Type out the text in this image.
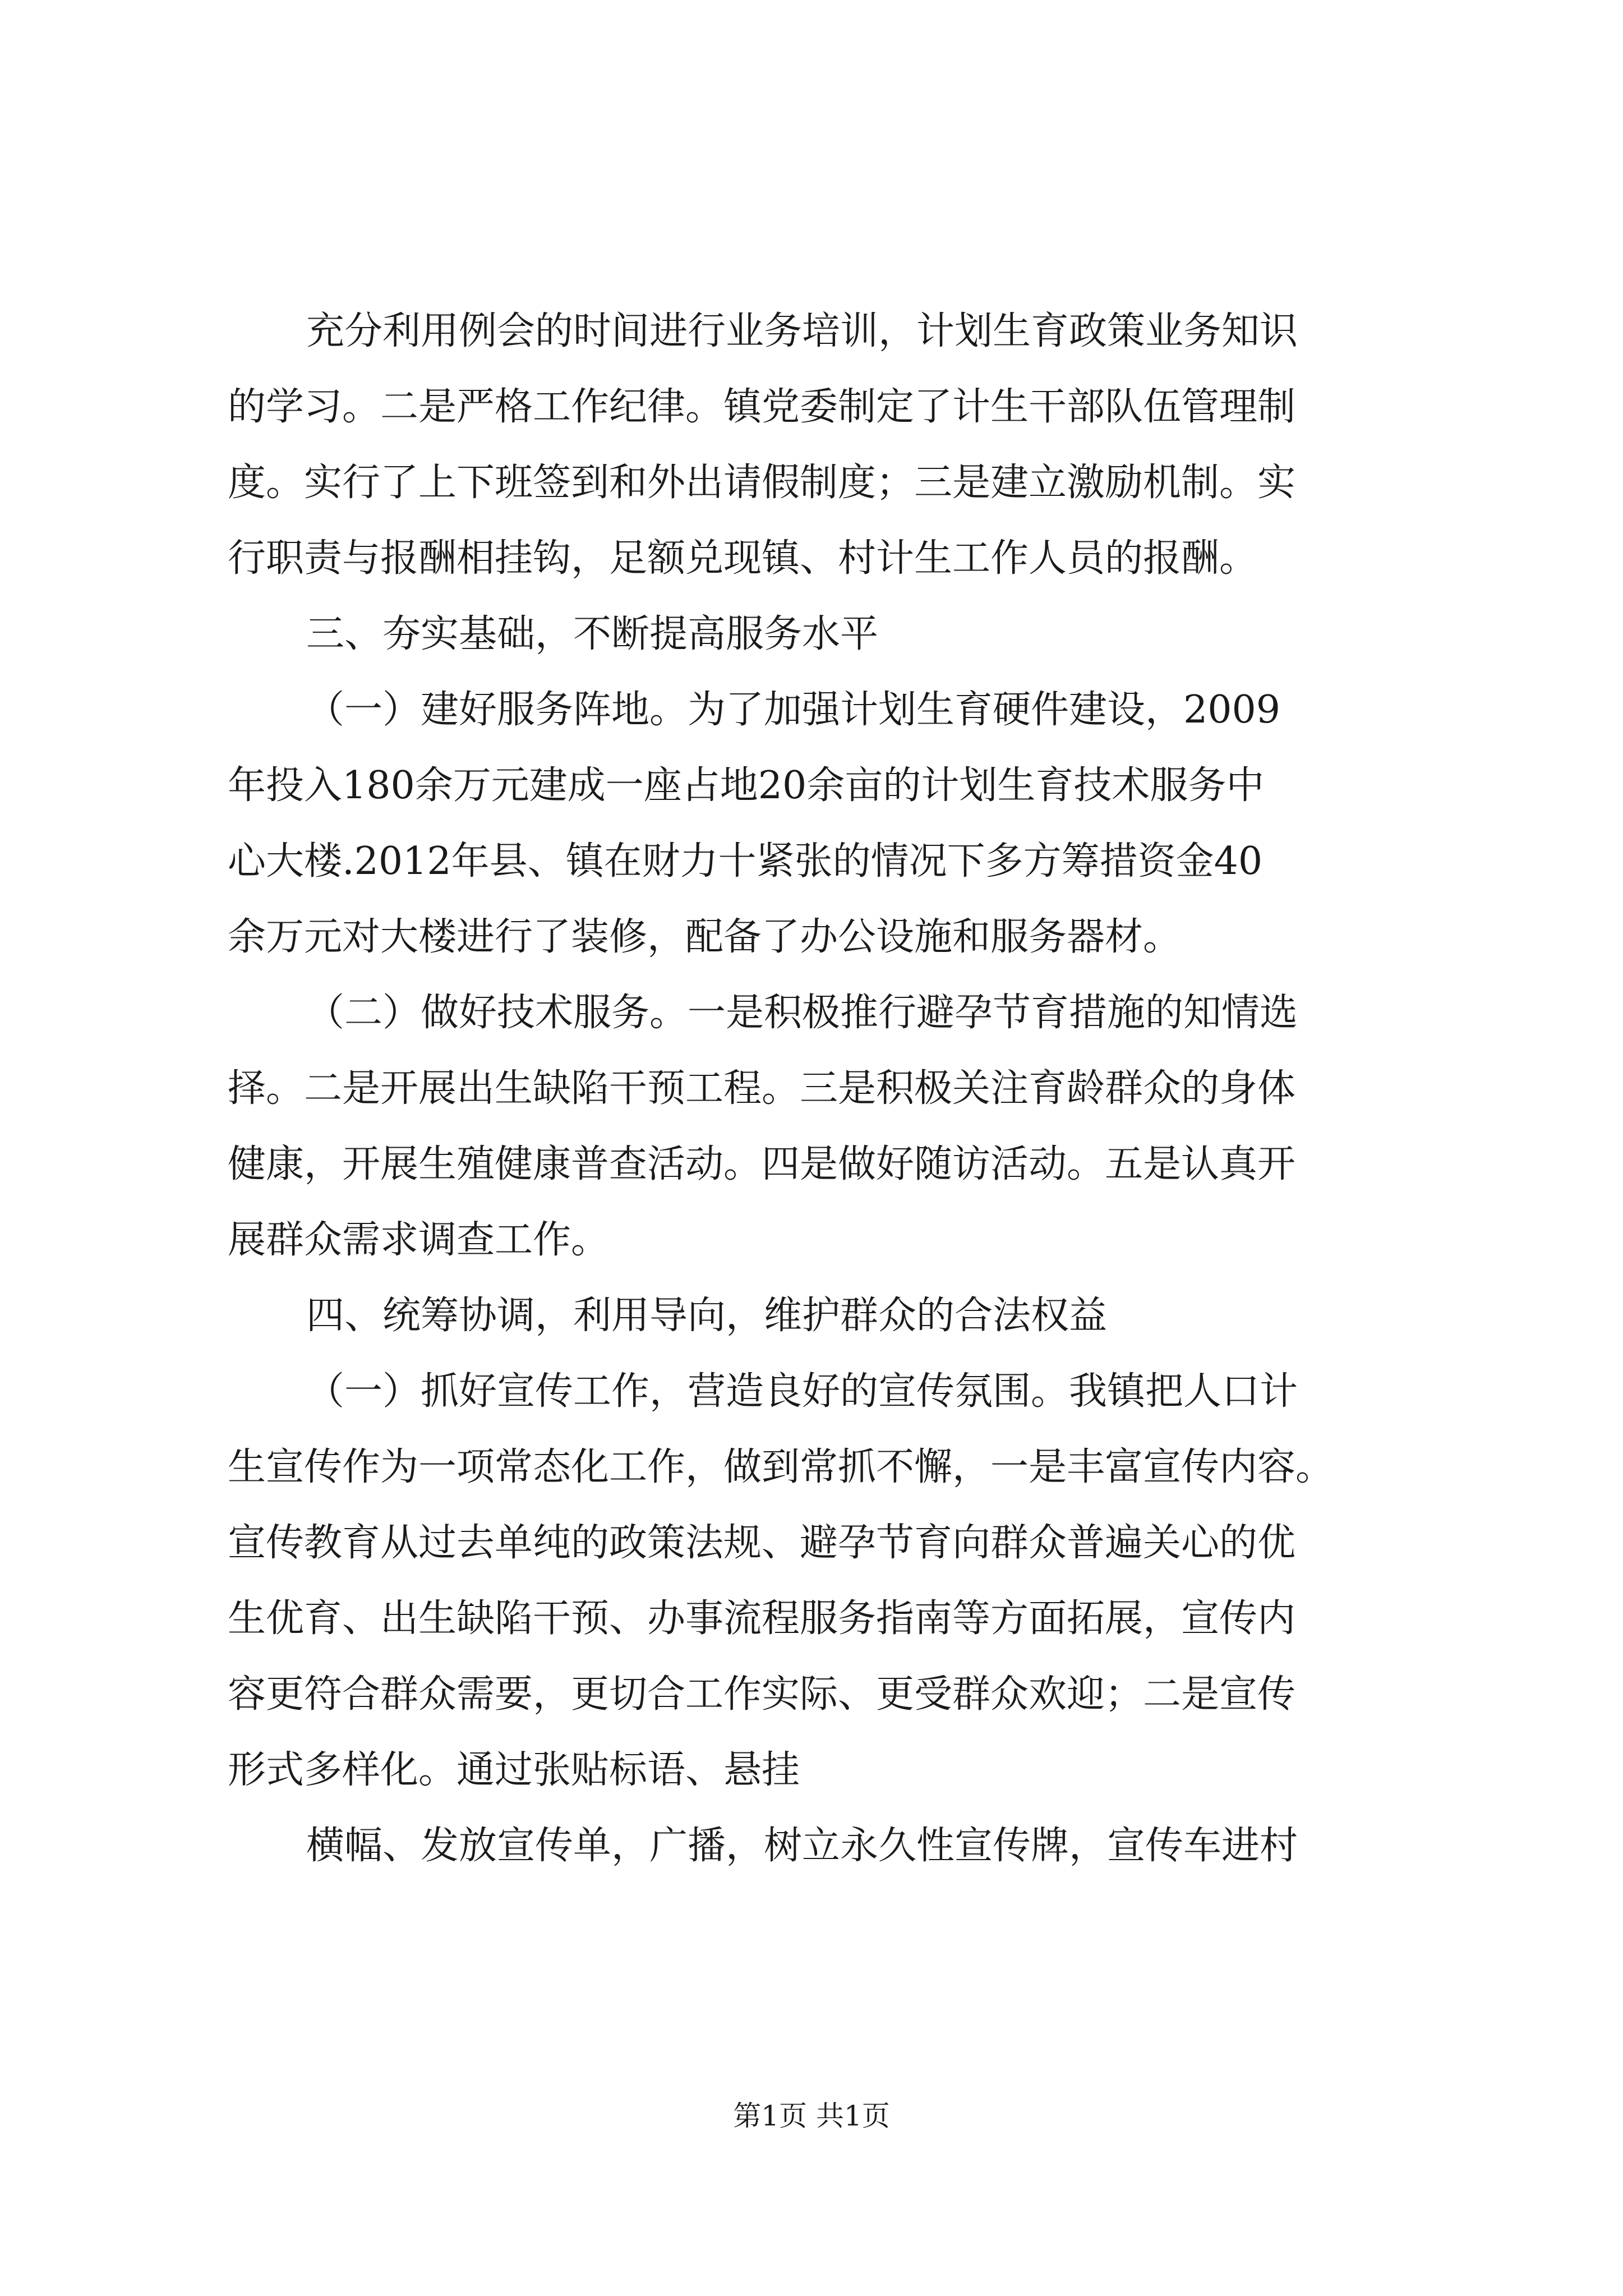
充分利用例会的时间进行业务培训，计划生育政策业务知识
的学习。二是严格工作纪律。镇党委制定了计生干部队伍管理制
度。实行了上下班签到和外出请假制度；三是建立激励机制。实
行职责与报酬相挂钩，足额兑现镇、村计生工作人员的报酬。
三、夯实基础，不断提高服务水平
（一）建好服务阵地。为了加强计划生育硬件建设，2009
年投入180余万元建成一座占地20余亩的计划生育技术服务中
心大楼.2012年县、镇在财力十紧张的情况下多方筹措资金40
余万元对大楼进行了装修，配备了办公设施和服务器材。
（二）做好技术服务。一是积极推行避孕节育措施的知情选
择。二是开展出生缺陷干预工程。三是积极关注育龄群众的身体
健康，开展生殖健康普查活动。四是做好随访活动。五是认真开
展群众需求调查工作。
四、统筹协调，利用导向，维护群众的合法权益
（一）抓好宣传工作，营造良好的宣传氛围。我镇把人口计
生宣传作为一项常态化工作，做到常抓不懈，一是丰富宣传内容。
宣传教育从过去单纯的政策法规、避孕节育向群众普遍关心的优
生优育、出生缺陷干预、办事流程服务指南等方面拓展，宣传内
容更符合群众需要，更切合工作实际、更受群众欢迎；二是宣传
形式多样化。通过张贴标语、悬挂
横幅、发放宣传单，广播，树立永久性宣传牌，宣传车进村
第1页 共1页
